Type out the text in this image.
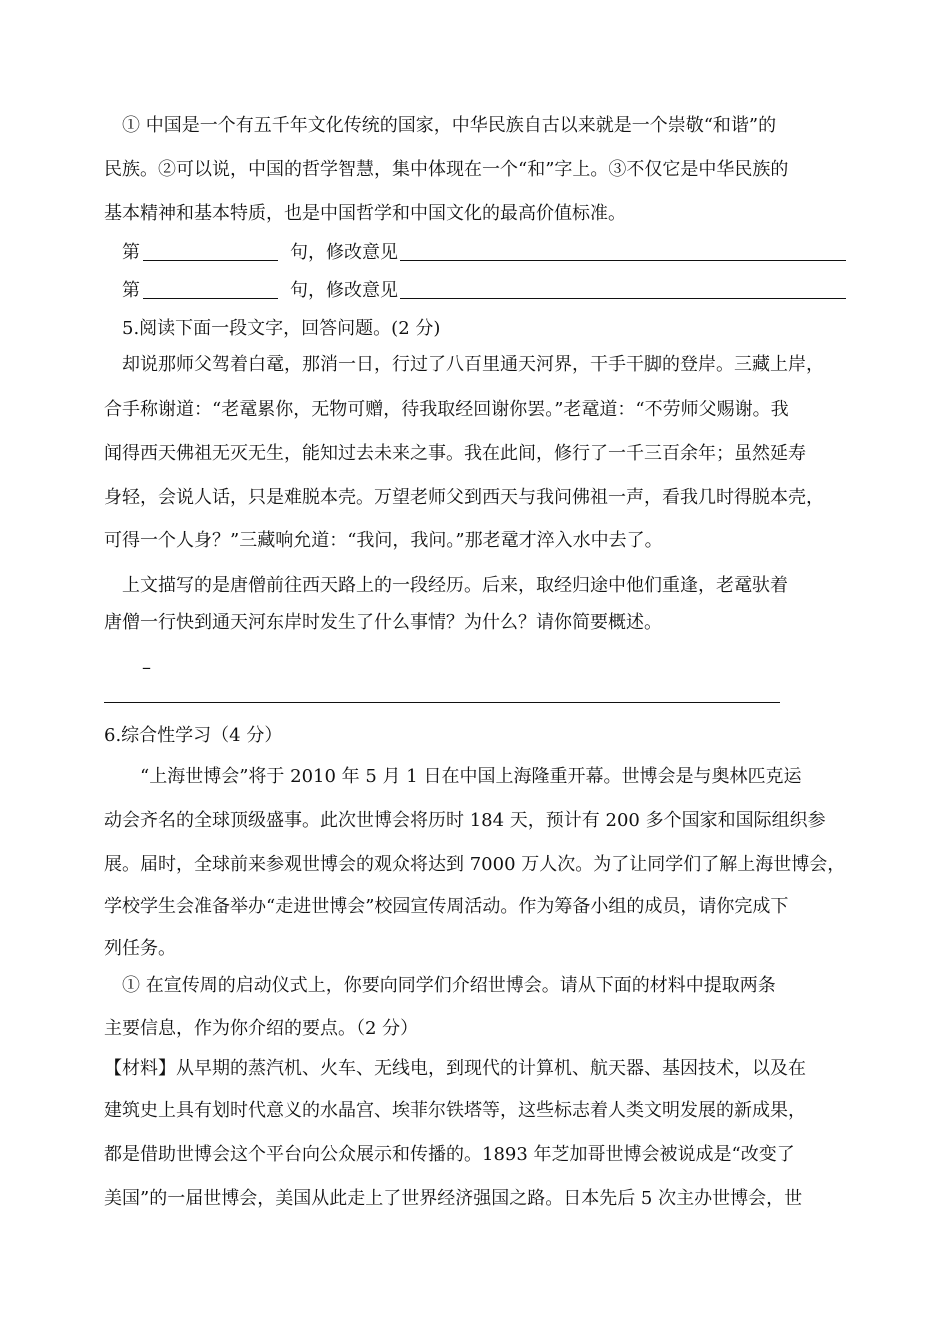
① 中国是一个有五千年文化传统的国家，中华民族自古以来就是一个崇敬“和谐”的
民族。②可以说，中国的哲学智慧，集中体现在一个“和”字上。③不仅它是中华民族的
基本精神和基本特质，也是中国哲学和中国文化的最高价值标准。
第	句，修改意见
第	句，修改意见
5.阅读下面一段文字，回答问题。(2 分)
却说那师父驾着白鼋，那消一日，行过了八百里通天河界，干手干脚的登岸。三藏上岸，
合手称谢道：“老鼋累你，无物可赠，待我取经回谢你罢。”老鼋道：“不劳师父赐谢。我
闻得西天佛祖无灭无生，能知过去未来之事。我在此间，修行了一千三百余年；虽然延寿
身轻，会说人话，只是难脱本壳。万望老师父到西天与我问佛祖一声，看我几时得脱本壳，
可得一个人身？”三藏响允道：“我问，我问。”那老鼋才淬入水中去了。
上文描写的是唐僧前往西天路上的一段经历。后来，取经归途中他们重逢，老鼋驮着
唐僧一行快到通天河东岸时发生了什么事情？为什么？请你简要概述。
–
6.综合性学习（4 分）
“上海世博会”将于 2010 年 5 月 1 日在中国上海隆重开幕。世博会是与奥林匹克运
动会齐名的全球顶级盛事。此次世博会将历时 184 天，预计有 200 多个国家和国际组织参
展。届时，全球前来参观世博会的观众将达到 7000 万人次。为了让同学们了解上海世博会，
学校学生会准备举办“走进世博会”校园宣传周活动。作为筹备小组的成员，请你完成下
列任务。
① 在宣传周的启动仪式上，你要向同学们介绍世博会。请从下面的材料中提取两条
主要信息，作为你介绍的要点。（2 分）
【材料】从早期的蒸汽机、火车、无线电，到现代的计算机、航天器、基因技术，以及在
建筑史上具有划时代意义的水晶宫、埃菲尔铁塔等，这些标志着人类文明发展的新成果，
都是借助世博会这个平台向公众展示和传播的。1893 年芝加哥世博会被说成是“改变了
美国”的一届世博会，美国从此走上了世界经济强国之路。日本先后 5 次主办世博会，世
